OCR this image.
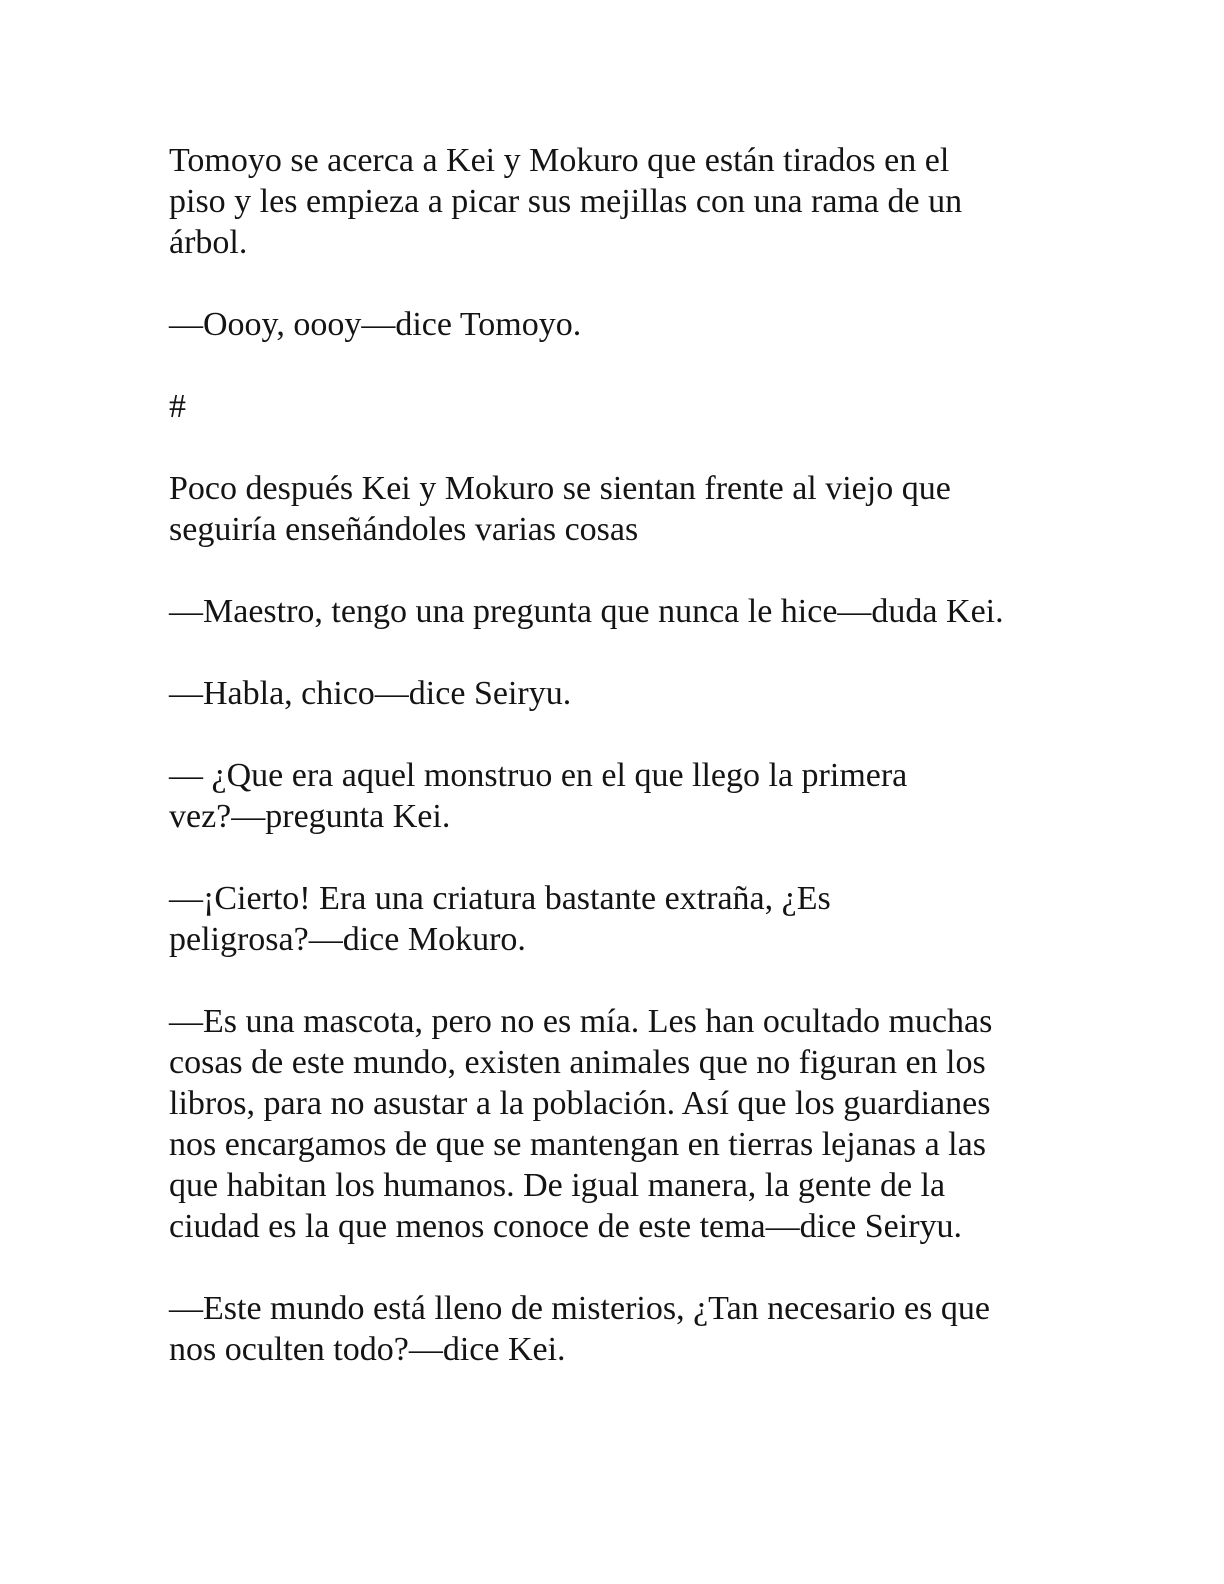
Tomoyo se acerca a Kei y Mokuro que están tirados en el
piso y les empieza a picar sus mejillas con una rama de un
árbol.

—Oooy, oooy—dice Tomoyo.

#

Poco después Kei y Mokuro se sientan frente al viejo que
seguiría enseñándoles varias cosas

—Maestro, tengo una pregunta que nunca le hice—duda Kei.

—Habla, chico—dice Seiryu.

— ¿Que era aquel monstruo en el que llego la primera
vez?—pregunta Kei.

—¡Cierto! Era una criatura bastante extraña, ¿Es
peligrosa?—dice Mokuro.

—Es una mascota, pero no es mía. Les han ocultado muchas
cosas de este mundo, existen animales que no figuran en los
libros, para no asustar a la población. Así que los guardianes
nos encargamos de que se mantengan en tierras lejanas a las
que habitan los humanos. De igual manera, la gente de la
ciudad es la que menos conoce de este tema—dice Seiryu.

—Este mundo está lleno de misterios, ¿Tan necesario es que
nos oculten todo?—dice Kei.
